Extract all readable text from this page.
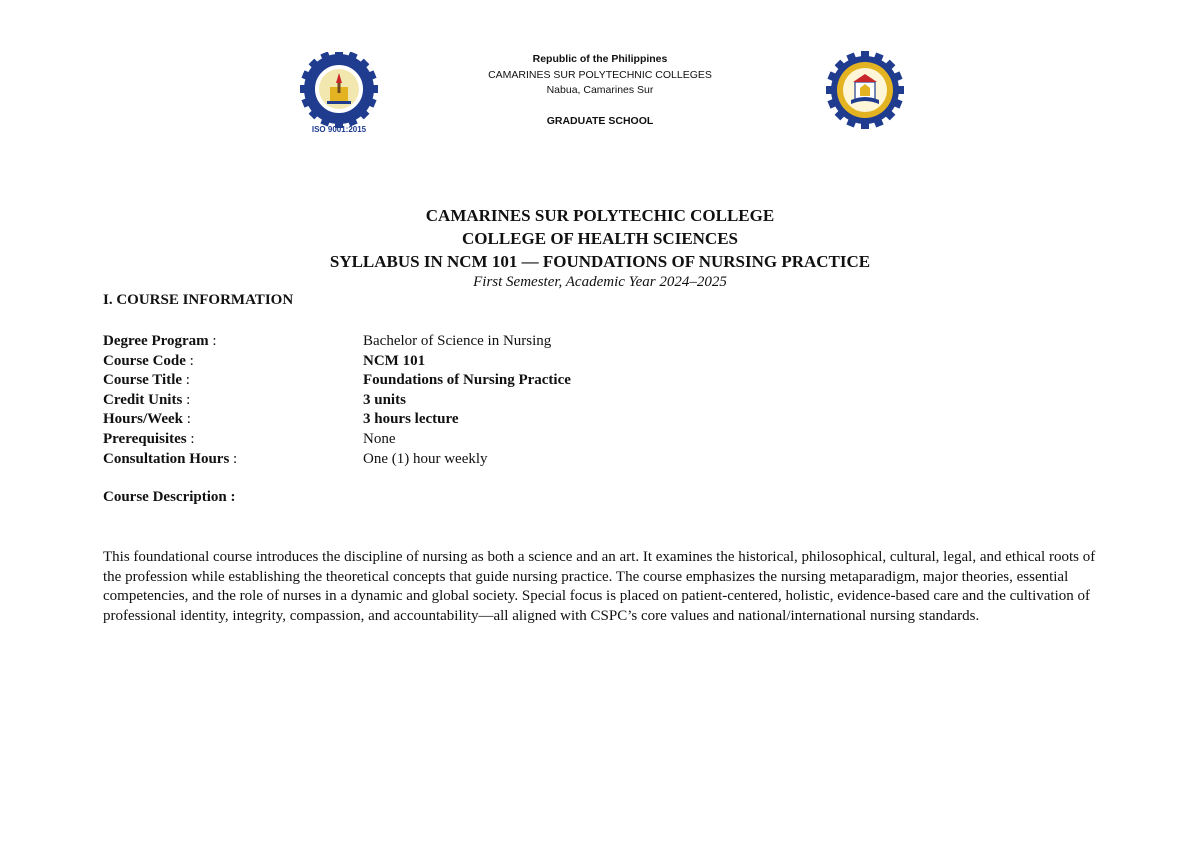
ISO 9001:2015
Republic of the Philippines
CAMARINES SUR POLYTECHNIC COLLEGES
Nabua, Camarines Sur
GRADUATE SCHOOL
CAMARINES SUR POLYTECHIC COLLEGE
COLLEGE OF HEALTH SCIENCES
SYLLABUS IN NCM 101 — FOUNDATIONS OF NURSING PRACTICE
First Semester, Academic Year 2024–2025
I. COURSE INFORMATION
Degree Program :	Bachelor of Science in Nursing
Course Code :	NCM 101
Course Title :	Foundations of Nursing Practice
Credit Units :	3 units
Hours/Week :	3 hours lecture
Prerequisites :	None
Consultation Hours :	One (1) hour weekly
Course Description :
This foundational course introduces the discipline of nursing as both a science and an art. It examines the historical, philosophical, cultural, legal, and ethical roots of the profession while establishing the theoretical concepts that guide nursing practice. The course emphasizes the nursing metaparadigm, major theories, essential competencies, and the role of nurses in a dynamic and global society. Special focus is placed on patient-centered, holistic, evidence-based care and the cultivation of professional identity, integrity, compassion, and accountability—all aligned with CSPC’s core values and national/international nursing standards.
